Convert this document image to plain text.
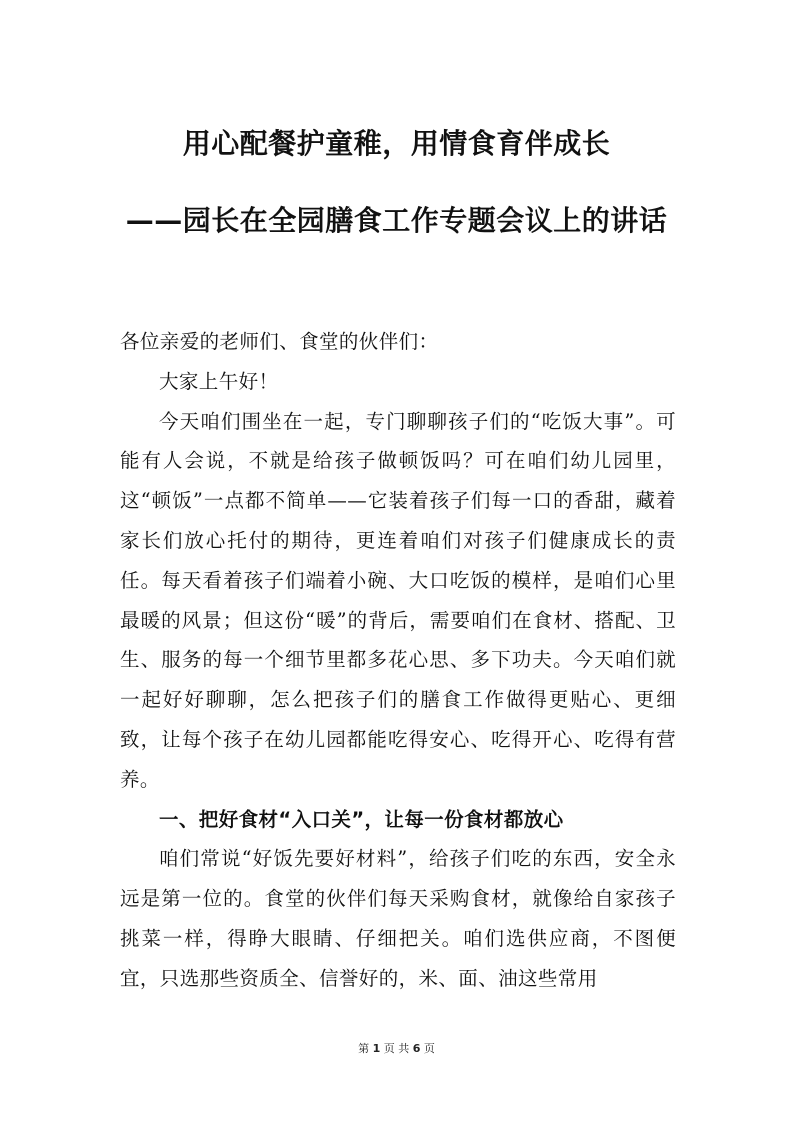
用心配餐护童稚，用情食育伴成长
——园长在全园膳食工作专题会议上的讲话

各位亲爱的老师们、食堂的伙伴们：

大家上午好！

今天咱们围坐在一起，专门聊聊孩子们的“吃饭大事”。可能有人会说，不就是给孩子做顿饭吗？可在咱们幼儿园里，这“顿饭”一点都不简单——它装着孩子们每一口的香甜，藏着家长们放心托付的期待，更连着咱们对孩子们健康成长的责任。每天看着孩子们端着小碗、大口吃饭的模样，是咱们心里最暖的风景；但这份“暖”的背后，需要咱们在食材、搭配、卫生、服务的每一个细节里都多花心思、多下功夫。今天咱们就一起好好聊聊，怎么把孩子们的膳食工作做得更贴心、更细致，让每个孩子在幼儿园都能吃得安心、吃得开心、吃得有营养。

一、把好食材“入口关”，让每一份食材都放心

咱们常说“好饭先要好材料”，给孩子们吃的东西，安全永远是第一位的。食堂的伙伴们每天采购食材，就像给自家孩子挑菜一样，得睁大眼睛、仔细把关。咱们选供应商，不图便宜，只选那些资质全、信誉好的，米、面、油这些常用

第 1 页 共 6 页
